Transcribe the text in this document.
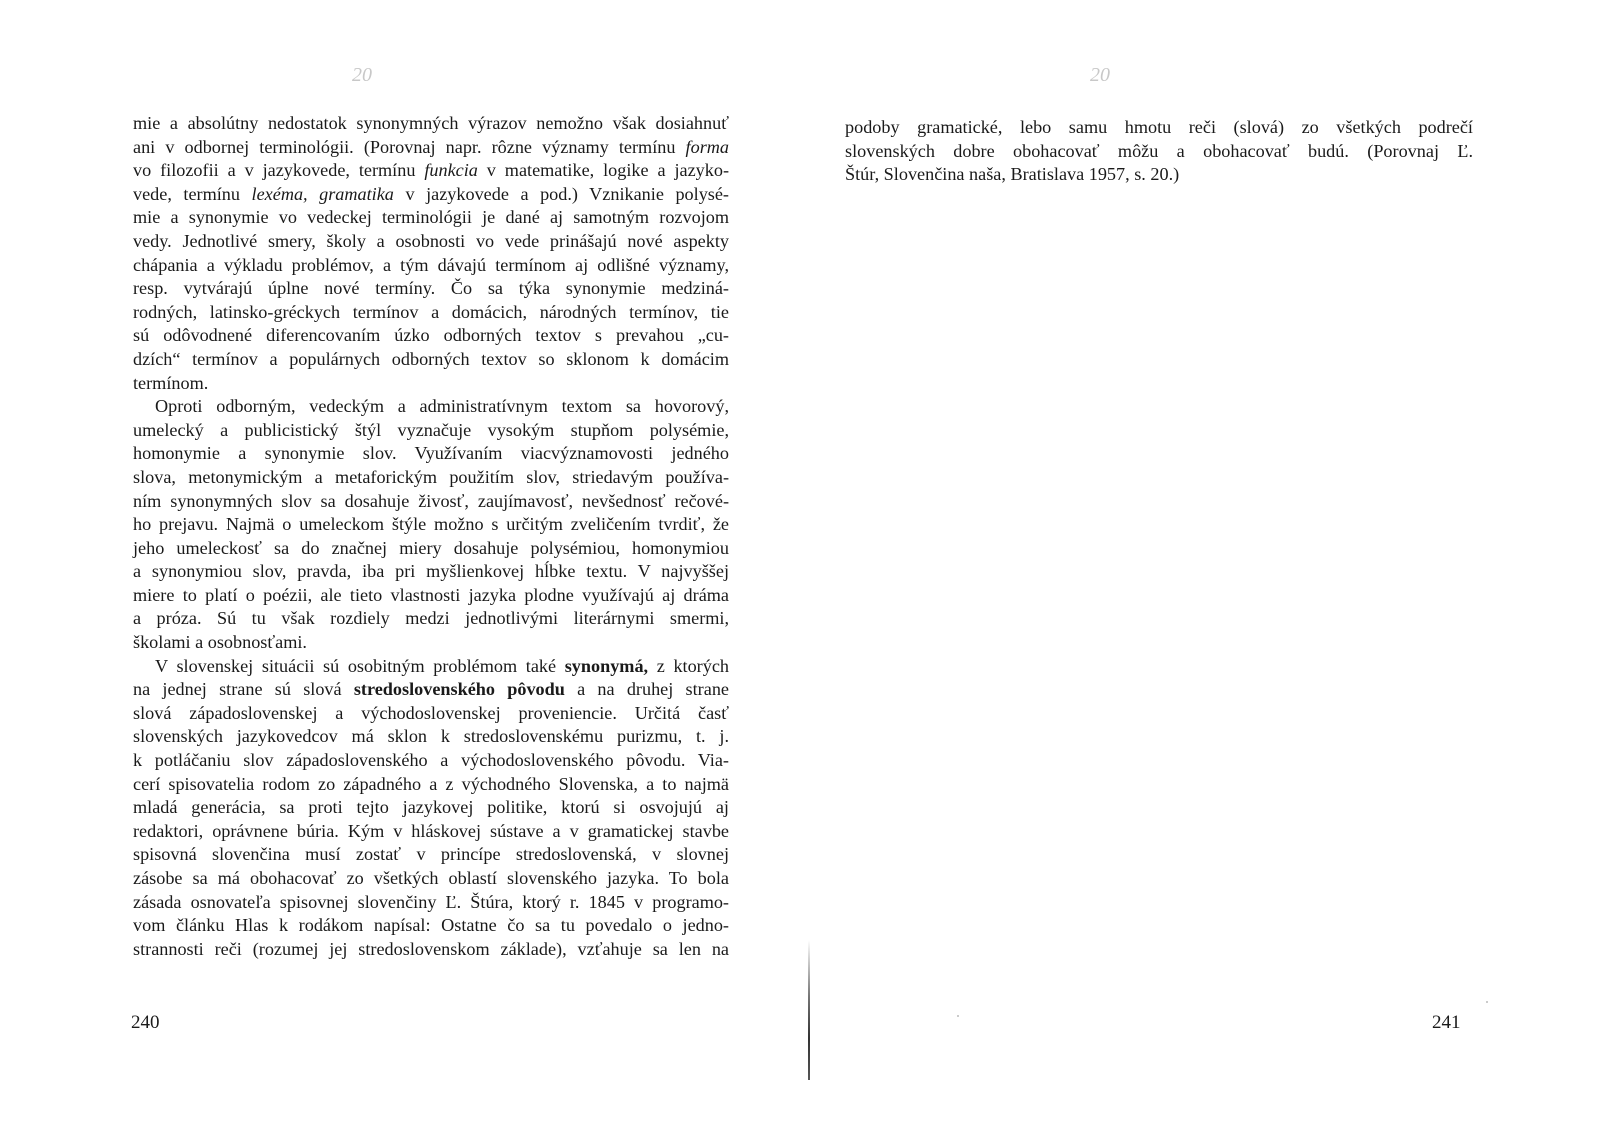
20
mie a absolútny nedostatok synonymných výrazov nemožno však dosiahnuť
ani v odbornej terminológii. (Porovnaj napr. rôzne významy termínu forma
vo filozofii a v jazykovede, termínu funkcia v matematike, logike a jazyko-
vede, termínu lexéma, gramatika v jazykovede a pod.) Vznikanie polysé-
mie a synonymie vo vedeckej terminológii je dané aj samotným rozvojom
vedy. Jednotlivé smery, školy a osobnosti vo vede prinášajú nové aspekty
chápania a výkladu problémov, a tým dávajú termínom aj odlišné významy,
resp. vytvárajú úplne nové termíny. Čo sa týka synonymie medziná-
rodných, latinsko-gréckych termínov a domácich, národných termínov, tie
sú odôvodnené diferencovaním úzko odborných textov s prevahou „cu-
dzích“ termínov a populárnych odborných textov so sklonom k domácim
termínom.
Oproti odborným, vedeckým a administratívnym textom sa hovorový,
umelecký a publicistický štýl vyznačuje vysokým stupňom polysémie,
homonymie a synonymie slov. Využívaním viacvýznamovosti jedného
slova, metonymickým a metaforickým použitím slov, striedavým používa-
ním synonymných slov sa dosahuje živosť, zaujímavosť, nevšednosť rečové-
ho prejavu. Najmä o umeleckom štýle možno s určitým zveličením tvrdiť, že
jeho umeleckosť sa do značnej miery dosahuje polysémiou, homonymiou
a synonymiou slov, pravda, iba pri myšlienkovej hĺbke textu. V najvyššej
miere to platí o poézii, ale tieto vlastnosti jazyka plodne využívajú aj dráma
a próza. Sú tu však rozdiely medzi jednotlivými literárnymi smermi,
školami a osobnosťami.
V slovenskej situácii sú osobitným problémom také synonymá, z ktorých
na jednej strane sú slová stredoslovenského pôvodu a na druhej strane
slová západoslovenskej a východoslovenskej proveniencie. Určitá časť
slovenských jazykovedcov má sklon k stredoslovenskému purizmu, t. j.
k potláčaniu slov západoslovenského a východoslovenského pôvodu. Via-
cerí spisovatelia rodom zo západného a z východného Slovenska, a to najmä
mladá generácia, sa proti tejto jazykovej politike, ktorú si osvojujú aj
redaktori, oprávnene búria. Kým v hláskovej sústave a v gramatickej stavbe
spisovná slovenčina musí zostať v princípe stredoslovenská, v slovnej
zásobe sa má obohacovať zo všetkých oblastí slovenského jazyka. To bola
zásada osnovateľa spisovnej slovenčiny Ľ. Štúra, ktorý r. 1845 v programo-
vom článku Hlas k rodákom napísal: Ostatne čo sa tu povedalo o jedno-
strannosti reči (rozumej jej stredoslovenskom základe), vzťahuje sa len na
240
20
podoby gramatické, lebo samu hmotu reči (slová) zo všetkých podrečí
slovenských dobre obohacovať môžu a obohacovať budú. (Porovnaj Ľ.
Štúr, Slovenčina naša, Bratislava 1957, s. 20.)
241
